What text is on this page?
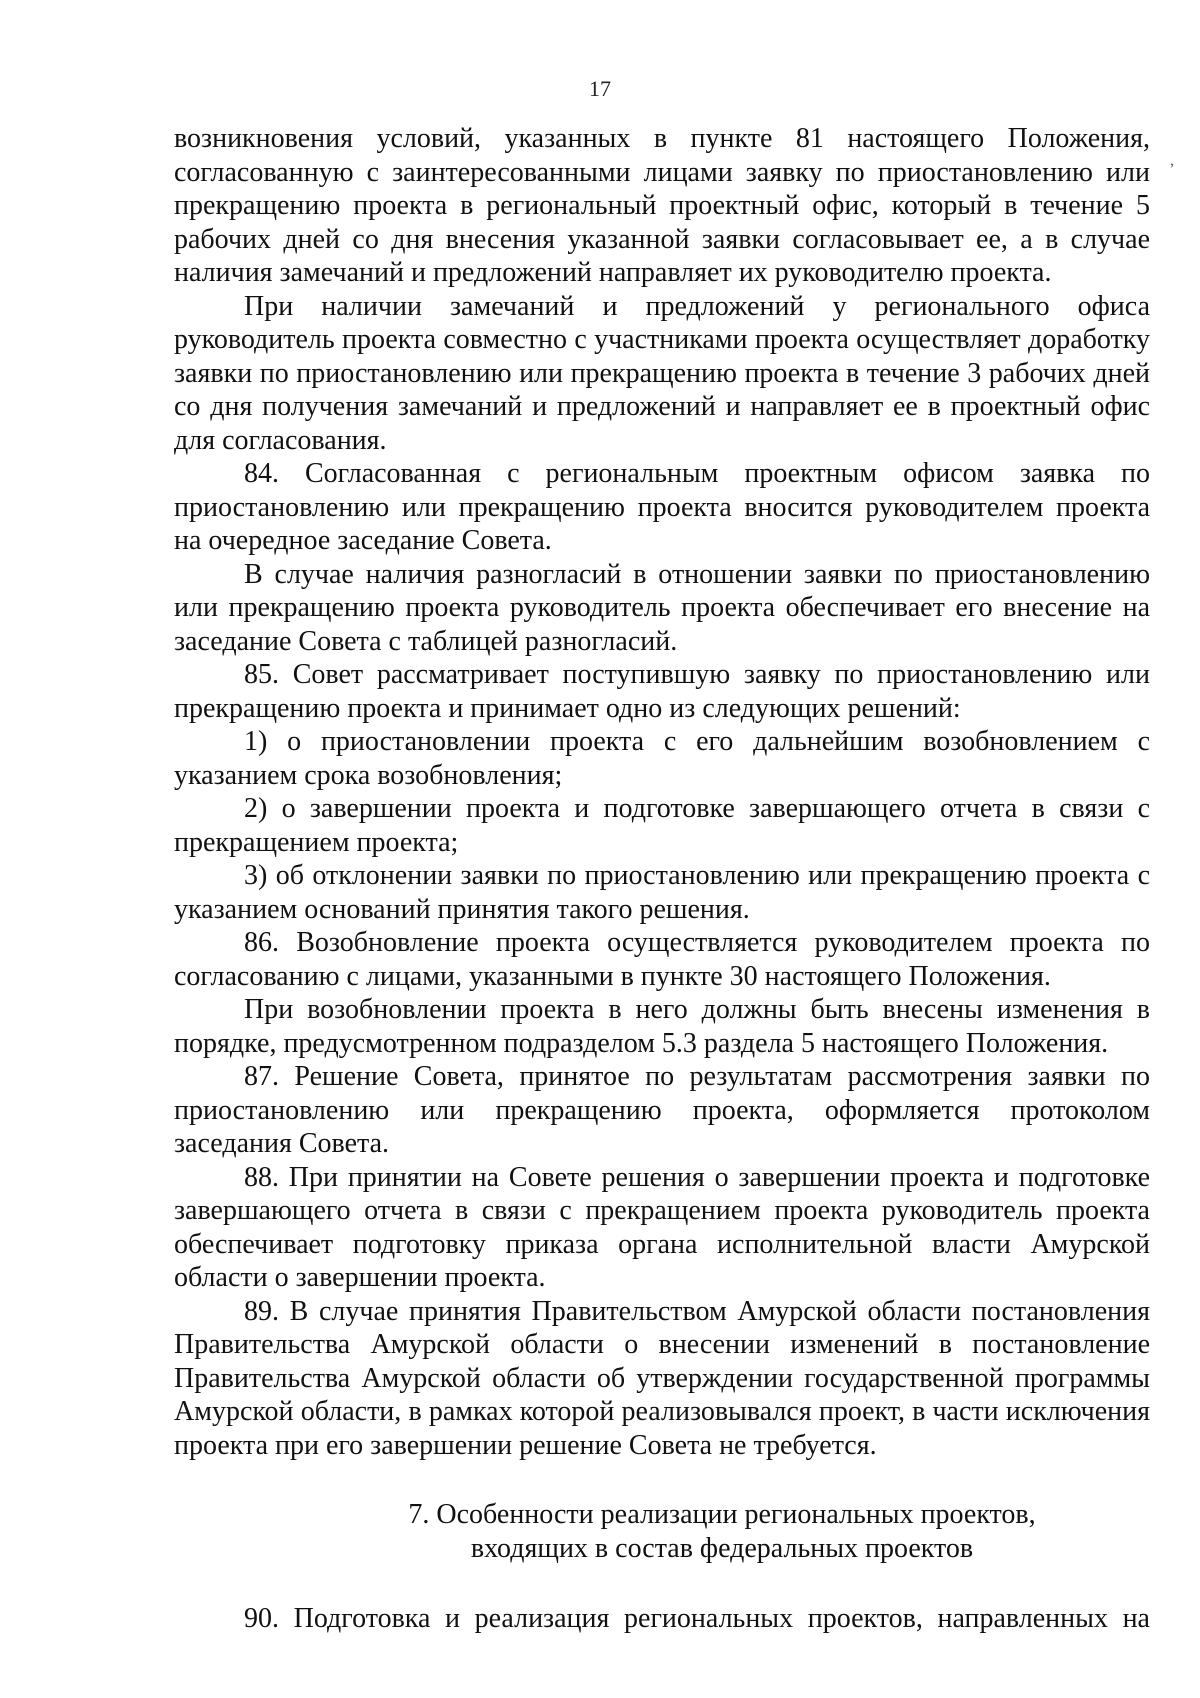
17
,

возникновения условий, указанных в пункте 81 настоящего Положения, согласованную с заинтересованными лицами заявку по приостановлению или прекращению проекта в региональный проектный офис, который в течение 5 рабочих дней со дня внесения указанной заявки согласовывает ее, а в случае наличия замечаний и предложений направляет их руководителю проекта.

При наличии замечаний и предложений у регионального офиса руководитель проекта совместно с участниками проекта осуществляет доработку заявки по приостановлению или прекращению проекта в течение 3 рабочих дней со дня получения замечаний и предложений и направляет ее в проектный офис для согласования.

84. Согласованная с региональным проектным офисом заявка по приостановлению или прекращению проекта вносится руководителем проекта на очередное заседание Совета.

В случае наличия разногласий в отношении заявки по приостановлению или прекращению проекта руководитель проекта обеспечивает его внесение на заседание Совета с таблицей разногласий.

85. Совет рассматривает поступившую заявку по приостановлению или прекращению проекта и принимает одно из следующих решений:

1) о приостановлении проекта с его дальнейшим возобновлением с указанием срока возобновления;

2) о завершении проекта и подготовке завершающего отчета в связи с прекращением проекта;

3) об отклонении заявки по приостановлению или прекращению проекта с указанием оснований принятия такого решения.

86. Возобновление проекта осуществляется руководителем проекта по согласованию с лицами, указанными в пункте 30 настоящего Положения.

При возобновлении проекта в него должны быть внесены изменения в порядке, предусмотренном подразделом 5.3 раздела 5 настоящего Положения.

87. Решение Совета, принятое по результатам рассмотрения заявки по приостановлению или прекращению проекта, оформляется протоколом заседания Совета.

88. При принятии на Совете решения о завершении проекта и подготовке завершающего отчета в связи с прекращением проекта руководитель проекта обеспечивает подготовку приказа органа исполнительной власти Амурской области о завершении проекта.

89. В случае принятия Правительством Амурской области постановления Правительства Амурской области о внесении изменений в постановление Правительства Амурской области об утверждении государственной программы Амурской области, в рамках которой реализовывался проект, в части исключения проекта при его завершении решение Совета не требуется.

7. Особенности реализации региональных проектов,
входящих в состав федеральных проектов

90. Подготовка и реализация региональных проектов, направленных на
